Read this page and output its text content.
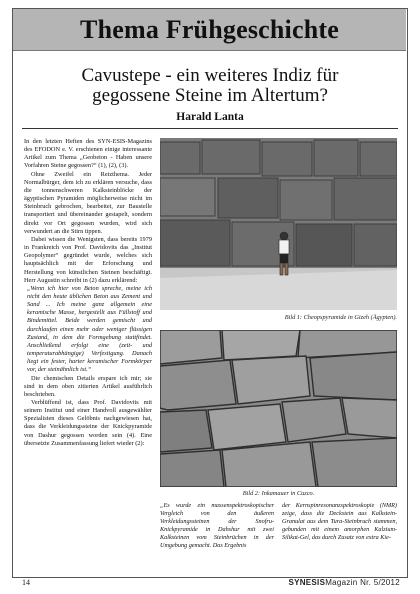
Thema Frühgeschichte
Cavustepe - ein weiteres Indiz für
gegossene Steine im Altertum?
Harald Lanta

In den letzten Heften des SYN-ESIS-Magazins des EFODON e. V. erschienen einige interessante Artikel zum Thema „Geobeton - Haben unsere Vorfahren Steine gegossen?“ (1), (2), (3).

Ohne Zweifel ein Reizthema. Jeder Normalbürger, dem ich zu erklären versuche, dass die tonnenschweren Kalksteinblöcke der ägyptischen Pyramiden möglicherweise nicht im Steinbruch gebrochen, bearbeitet, zur Baustelle transportiert und übereinander gestapelt, sondern direkt vor Ort gegossen wurden, wird sich verwundert an die Stirn tippen.

Dabei wissen die Wenigsten, dass bereits 1979 in Frankreich von Prof. Davidovits das „Institut Geopolymer“ gegründet wurde, welches sich hauptsächlich mit der Erforschung und Herstellung von künstlichen Steinen beschäftigt. Herr Augustin schreibt in (2) dazu erklärend:

„Wenn ich hier von Beton spreche, meine ich nicht den heute üblichen Beton aus Zement und Sand ... Ich meine ganz allgemein eine keramische Masse, hergestellt aus Füllstoff und Bindemittel. Beide werden gemischt und durchlaufen einen mehr oder weniger flüssigen Zustand, in dem die Formgebung stattfindet. Anschließend erfolgt eine (zeit- und temperaturabhängige) Verfestigung. Danach liegt ein fester, harter keramischer Formkörper vor, der steinähnlich ist.“

Die chemischen Details erspare ich mir; sie sind in dem oben zitierten Artikel ausführlich beschrieben.

Verblüffend ist, dass Prof. Davidovits mit seinem Institut und einer Handvoll ausgewählter Spezialisten dieses Gelöbnis nachgewiesen hat, dass die Verkleidungssteine der Knickpyramide von Dashur gegossen worden sein (4). Eine übersetzte Zusammenfassung liefert wieder (2):

Bild 1: Cheopspyramide in Gizeh (Ägypten).
Bild 2: Inkamauer in Cuzco.
„Es wurde ein massenspektroskopischer Vergleich von den äußeren Verkleidungssteinen der Snofru-Knickpyramide in Dahshur mit zwei Kalksteinen vom Steinbrüchen in der Umgebung gemacht. Das Ergebnis
der Kernspinresonanzspektroskopie (NMR) zeige, dass die Deckstein aus Kalkstein-Granulat aus dem Tura-Steinbruch stammen, gebunden mit einem amorphen Kalzium-Silikat-Gel, das durch Zusatz von extra Kie-
14	SYNESISMagazin Nr. 5/2012
